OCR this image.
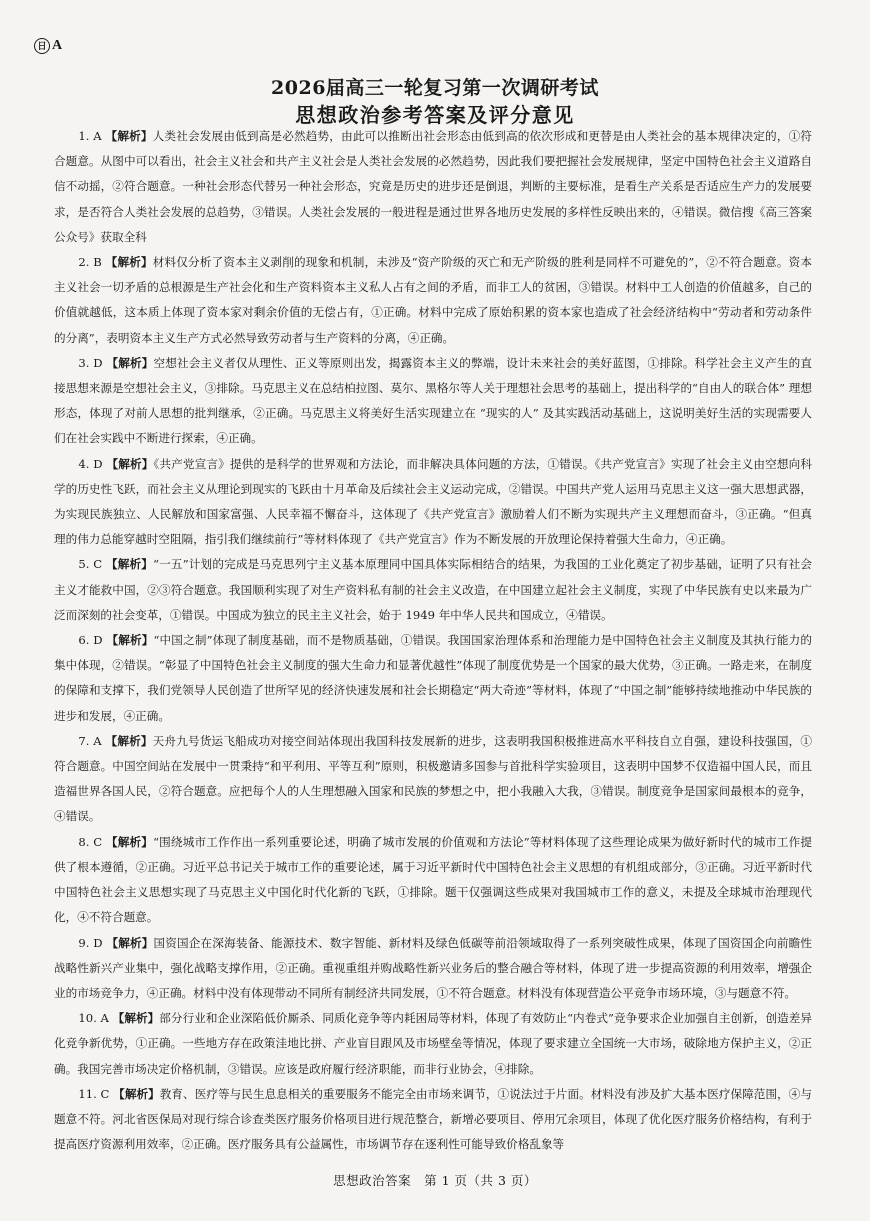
日 A
2026届高三一轮复习第一次调研考试
思想政治参考答案及评分意见

1. A 【解析】人类社会发展由低到高是必然趋势，由此可以推断出社会形态由低到高的依次形成和更替是由人类社会的基本规律决定的，①符合题意。从图中可以看出，社会主义社会和共产主义社会是人类社会发展的必然趋势，因此我们要把握社会发展规律，坚定中国特色社会主义道路自信不动摇，②符合题意。一种社会形态代替另一种社会形态，究竟是历史的进步还是倒退，判断的主要标准，是看生产关系是否适应生产力的发展要求，是否符合人类社会发展的总趋势，③错误。人类社会发展的一般进程是通过世界各地历史发展的多样性反映出来的，④错误。微信搜《高三答案公众号》获取全科

2. B 【解析】材料仅分析了资本主义剥削的现象和机制，未涉及“资产阶级的灭亡和无产阶级的胜利是同样不可避免的”，②不符合题意。资本主义社会一切矛盾的总根源是生产社会化和生产资料资本主义私人占有之间的矛盾，而非工人的贫困，③错误。材料中工人创造的价值越多，自己的价值就越低，这本质上体现了资本家对剩余价值的无偿占有，①正确。材料中完成了原始积累的资本家也造成了社会经济结构中“劳动者和劳动条件的分离”，表明资本主义生产方式必然导致劳动者与生产资料的分离，④正确。

3. D 【解析】空想社会主义者仅从理性、正义等原则出发，揭露资本主义的弊端，设计未来社会的美好蓝图，①排除。科学社会主义产生的直接思想来源是空想社会主义，③排除。马克思主义在总结柏拉图、莫尔、黑格尔等人关于理想社会思考的基础上，提出科学的“自由人的联合体” 理想形态，体现了对前人思想的批判继承，②正确。马克思主义将美好生活实现建立在 “现实的人” 及其实践活动基础上，这说明美好生活的实现需要人们在社会实践中不断进行探索，④正确。

4. D 【解析】《共产党宣言》提供的是科学的世界观和方法论，而非解决具体问题的方法，①错误。《共产党宣言》实现了社会主义由空想向科学的历史性飞跃，而社会主义从理论到现实的飞跃由十月革命及后续社会主义运动完成，②错误。中国共产党人运用马克思主义这一强大思想武器，为实现民族独立、人民解放和国家富强、人民幸福不懈奋斗，这体现了《共产党宣言》激励着人们不断为实现共产主义理想而奋斗，③正确。“但真理的伟力总能穿越时空阻隔，指引我们继续前行”等材料体现了《共产党宣言》作为不断发展的开放理论保持着强大生命力，④正确。

5. C 【解析】“一五”计划的完成是马克思列宁主义基本原理同中国具体实际相结合的结果，为我国的工业化奠定了初步基础，证明了只有社会主义才能救中国，②③符合题意。我国顺利实现了对生产资料私有制的社会主义改造，在中国建立起社会主义制度，实现了中华民族有史以来最为广泛而深刻的社会变革，①错误。中国成为独立的民主主义社会，始于 1949 年中华人民共和国成立，④错误。

6. D 【解析】“中国之制”体现了制度基础，而不是物质基础，①错误。我国国家治理体系和治理能力是中国特色社会主义制度及其执行能力的集中体现，②错误。“彰显了中国特色社会主义制度的强大生命力和显著优越性”体现了制度优势是一个国家的最大优势，③正确。一路走来，在制度的保障和支撑下，我们党领导人民创造了世所罕见的经济快速发展和社会长期稳定“两大奇迹”等材料，体现了“中国之制”能够持续地推动中华民族的进步和发展，④正确。

7. A 【解析】天舟九号货运飞船成功对接空间站体现出我国科技发展新的进步，这表明我国积极推进高水平科技自立自强，建设科技强国，①符合题意。中国空间站在发展中一贯秉持“和平利用、平等互利”原则，积极邀请多国参与首批科学实验项目，这表明中国梦不仅造福中国人民，而且造福世界各国人民，②符合题意。应把每个人的人生理想融入国家和民族的梦想之中，把小我融入大我，③错误。制度竞争是国家间最根本的竞争，④错误。

8. C 【解析】“围绕城市工作作出一系列重要论述，明确了城市发展的价值观和方法论”等材料体现了这些理论成果为做好新时代的城市工作提供了根本遵循，②正确。习近平总书记关于城市工作的重要论述，属于习近平新时代中国特色社会主义思想的有机组成部分，③正确。习近平新时代中国特色社会主义思想实现了马克思主义中国化时代化新的飞跃，①排除。题干仅强调这些成果对我国城市工作的意义，未提及全球城市治理现代化，④不符合题意。

9. D 【解析】国资国企在深海装备、能源技术、数字智能、新材料及绿色低碳等前沿领域取得了一系列突破性成果，体现了国资国企向前瞻性战略性新兴产业集中，强化战略支撑作用，②正确。重视重组并购战略性新兴业务后的整合融合等材料，体现了进一步提高资源的利用效率，增强企业的市场竞争力，④正确。材料中没有体现带动不同所有制经济共同发展，①不符合题意。材料没有体现营造公平竞争市场环境，③与题意不符。

10. A 【解析】部分行业和企业深陷低价厮杀、同质化竞争等内耗困局等材料，体现了有效防止“内卷式”竞争要求企业加强自主创新，创造差异化竞争新优势，①正确。一些地方存在政策洼地比拼、产业盲目跟风及市场壁垒等情况，体现了要求建立全国统一大市场，破除地方保护主义，②正确。我国完善市场决定价格机制，③错误。应该是政府履行经济职能，而非行业协会，④排除。

11. C 【解析】教育、医疗等与民生息息相关的重要服务不能完全由市场来调节，①说法过于片面。材料没有涉及扩大基本医疗保障范围，④与题意不符。河北省医保局对现行综合诊查类医疗服务价格项目进行规范整合，新增必要项目、停用冗余项目，体现了优化医疗服务价格结构，有利于提高医疗资源利用效率，②正确。医疗服务具有公益属性，市场调节存在逐利性可能导致价格乱象等

思想政治答案　第 1 页（共 3 页）
